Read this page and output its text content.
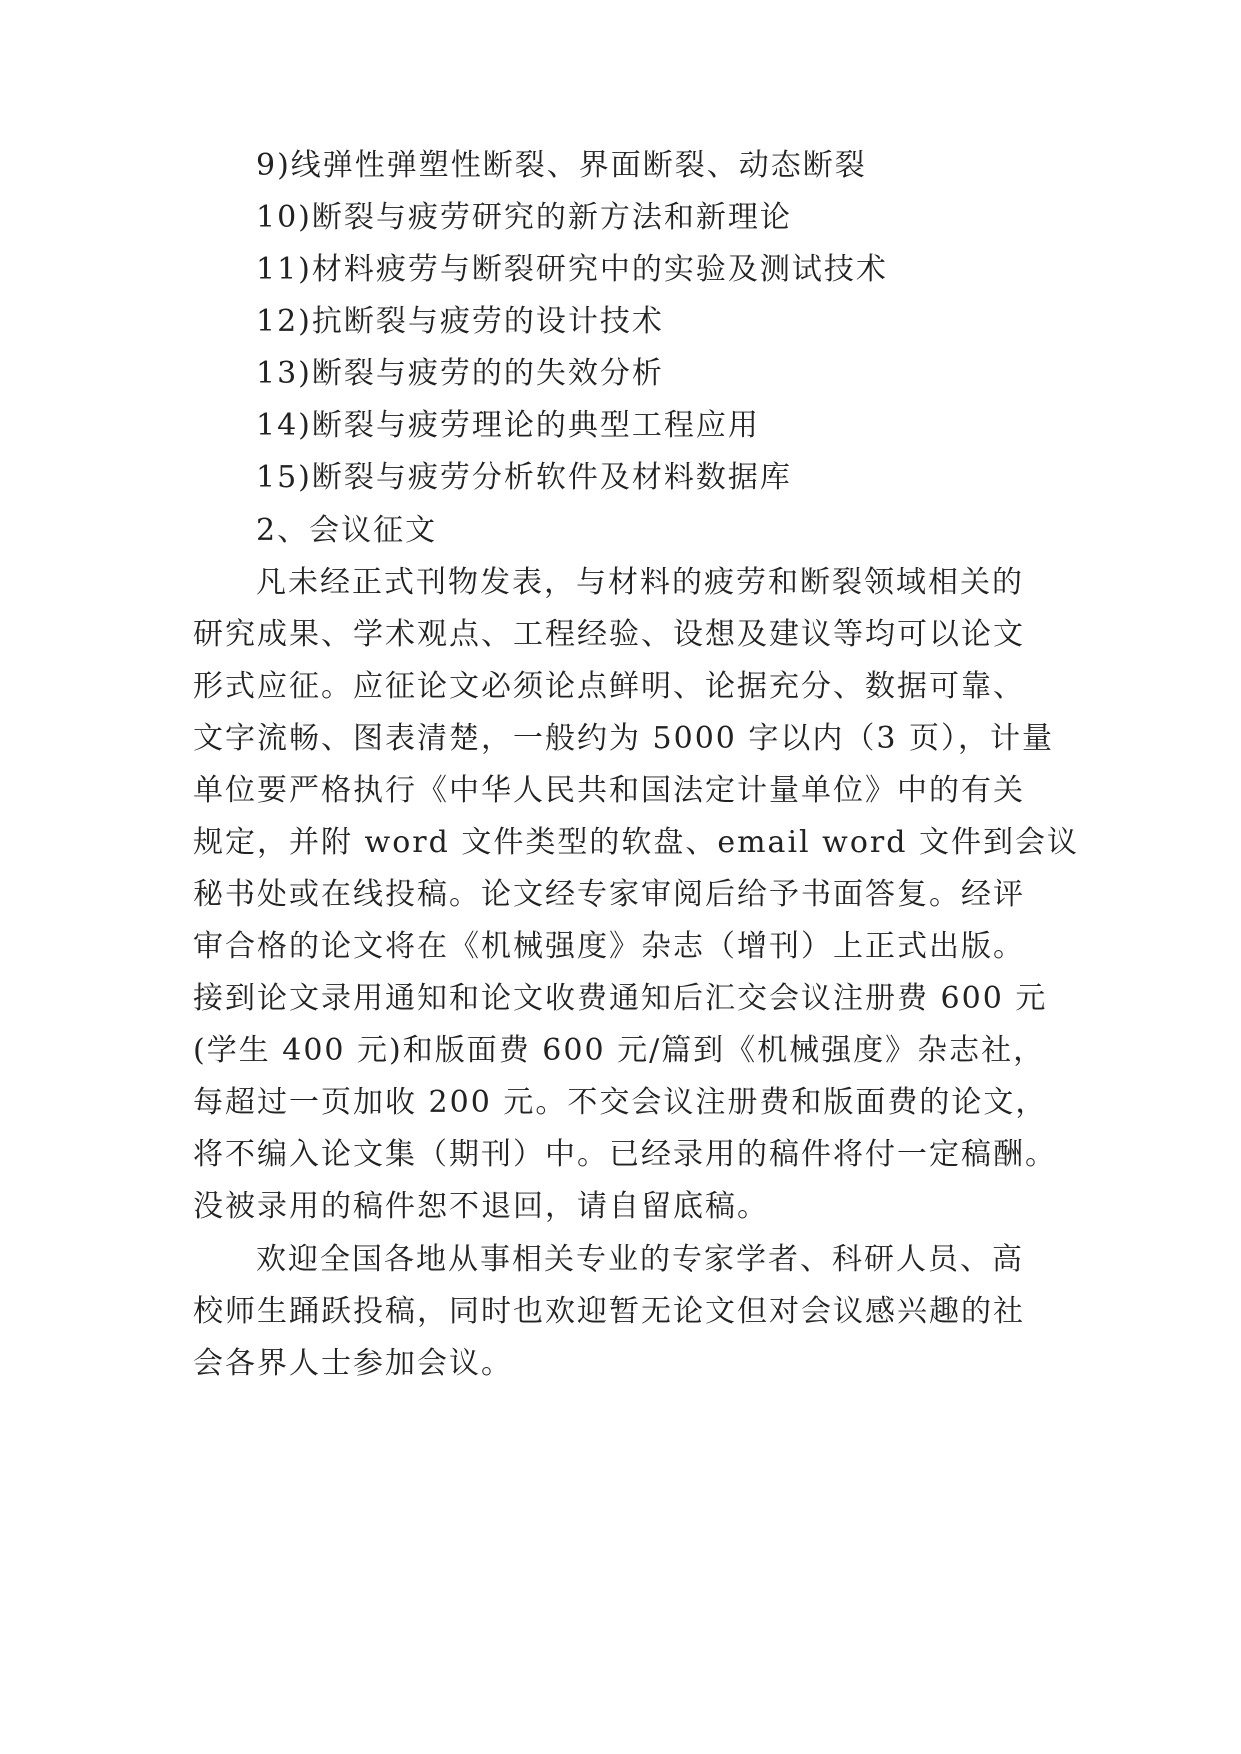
9)线弹性弹塑性断裂、界面断裂、动态断裂
10)断裂与疲劳研究的新方法和新理论
11)材料疲劳与断裂研究中的实验及测试技术
12)抗断裂与疲劳的设计技术
13)断裂与疲劳的的失效分析
14)断裂与疲劳理论的典型工程应用
15)断裂与疲劳分析软件及材料数据库
2、会议征文
凡未经正式刊物发表，与材料的疲劳和断裂领域相关的
研究成果、学术观点、工程经验、设想及建议等均可以论文
形式应征。应征论文必须论点鲜明、论据充分、数据可靠、
文字流畅、图表清楚，一般约为 5000 字以内（3 页），计量
单位要严格执行《中华人民共和国法定计量单位》中的有关
规定，并附 word 文件类型的软盘、email word 文件到会议
秘书处或在线投稿。论文经专家审阅后给予书面答复。经评
审合格的论文将在《机械强度》杂志（增刊）上正式出版。
接到论文录用通知和论文收费通知后汇交会议注册费 600 元
(学生 400 元)和版面费 600 元/篇到《机械强度》杂志社，
每超过一页加收 200 元。不交会议注册费和版面费的论文，
将不编入论文集（期刊）中。已经录用的稿件将付一定稿酬。
没被录用的稿件恕不退回，请自留底稿。
欢迎全国各地从事相关专业的专家学者、科研人员、高
校师生踊跃投稿，同时也欢迎暂无论文但对会议感兴趣的社
会各界人士参加会议。
